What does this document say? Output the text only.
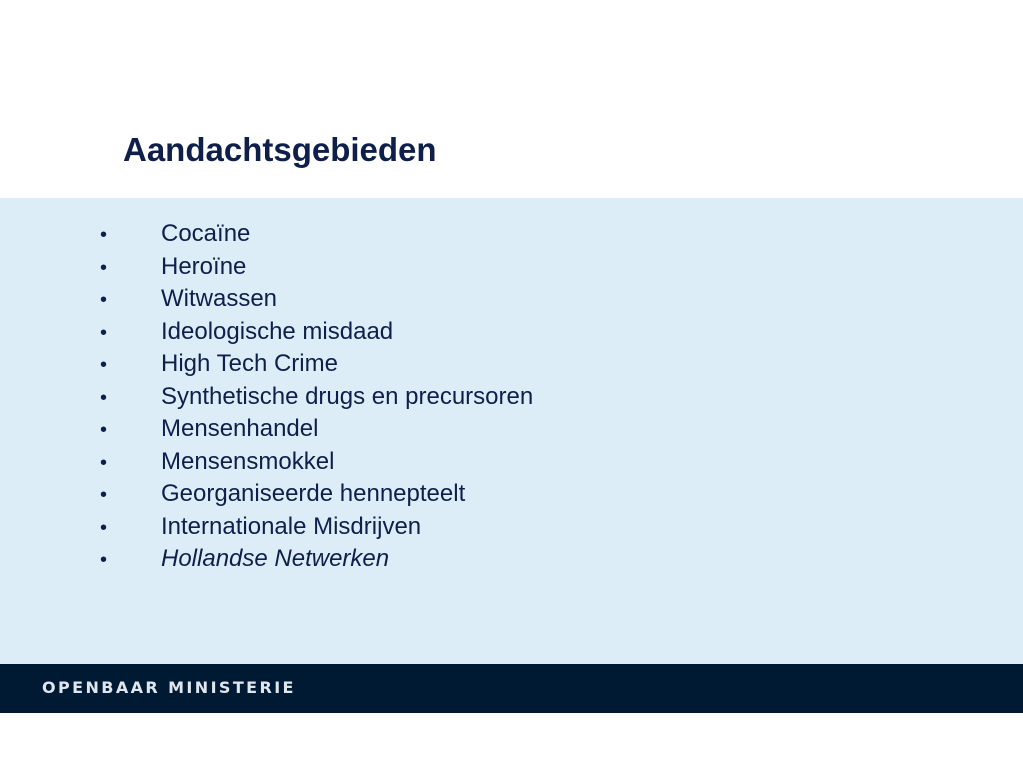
Aandachtsgebieden
•	Cocaïne
•	Heroïne
•	Witwassen
•	Ideologische misdaad
•	High Tech Crime
•	Synthetische drugs en precursoren
•	Mensenhandel
•	Mensensmokkel
•	Georganiseerde hennepteelt
•	Internationale Misdrijven
•	Hollandse Netwerken
OPENBAAR MINISTERIE
